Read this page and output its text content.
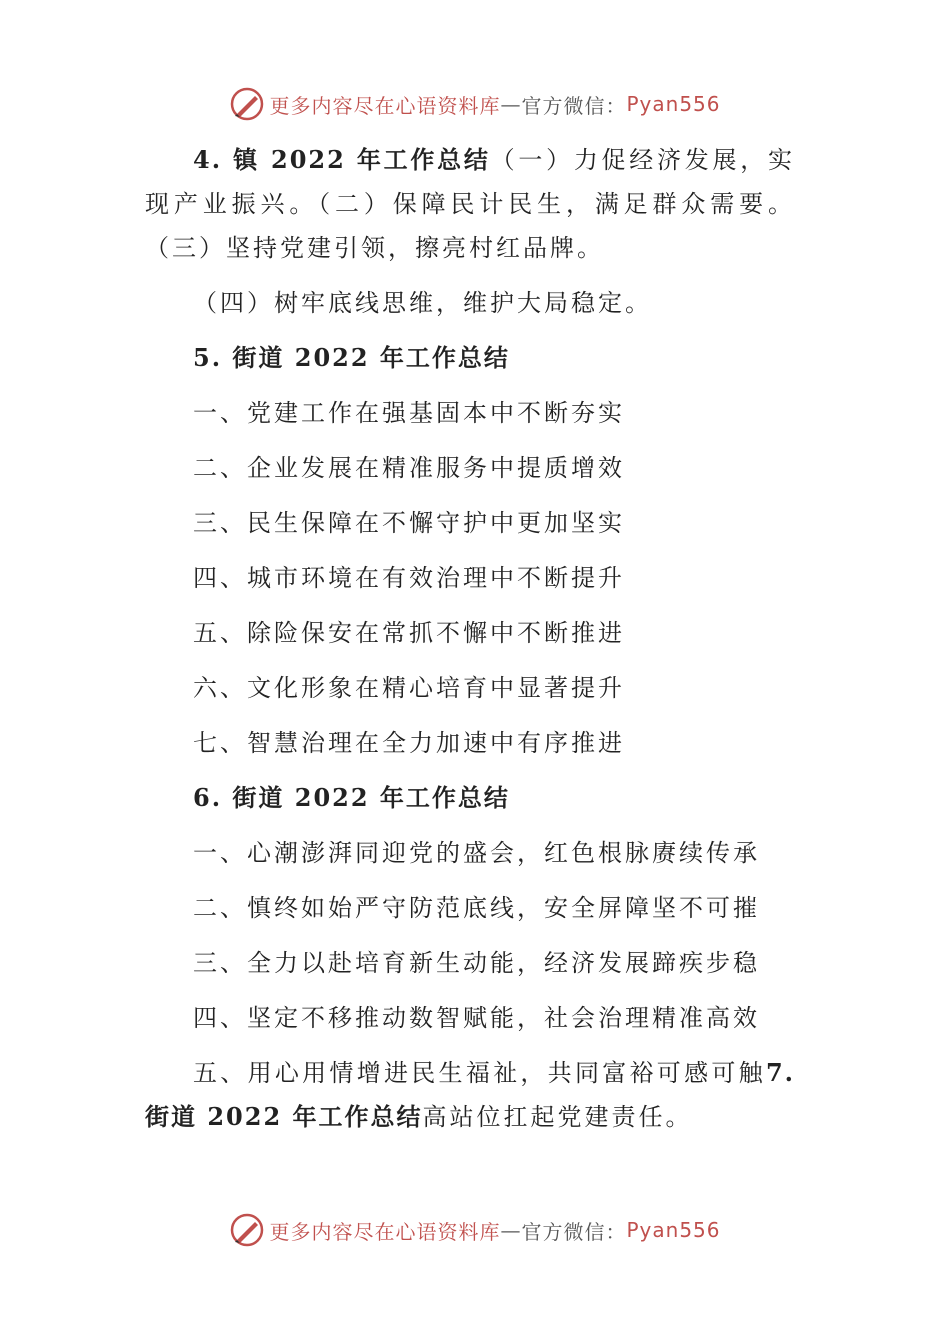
更多内容尽在心语资料库 — 官方微信： Pyan556

4. 镇 2022 年工作总结（一）力促经济发展，实现产业振兴。（二）保障民计民生，满足群众需要。（三）坚持党建引领，擦亮村红品牌。

（四）树牢底线思维，维护大局稳定。

5. 街道 2022 年工作总结

一、党建工作在强基固本中不断夯实

二、企业发展在精准服务中提质增效

三、民生保障在不懈守护中更加坚实

四、城市环境在有效治理中不断提升

五、除险保安在常抓不懈中不断推进

六、文化形象在精心培育中显著提升

七、智慧治理在全力加速中有序推进

6. 街道 2022 年工作总结

一、心潮澎湃同迎党的盛会，红色根脉赓续传承

二、慎终如始严守防范底线，安全屏障坚不可摧

三、全力以赴培育新生动能，经济发展蹄疾步稳

四、坚定不移推动数智赋能，社会治理精准高效

五、用心用情增进民生福祉，共同富裕可感可触7. 街道 2022 年工作总结高站位扛起党建责任。

更多内容尽在心语资料库 — 官方微信： Pyan556
